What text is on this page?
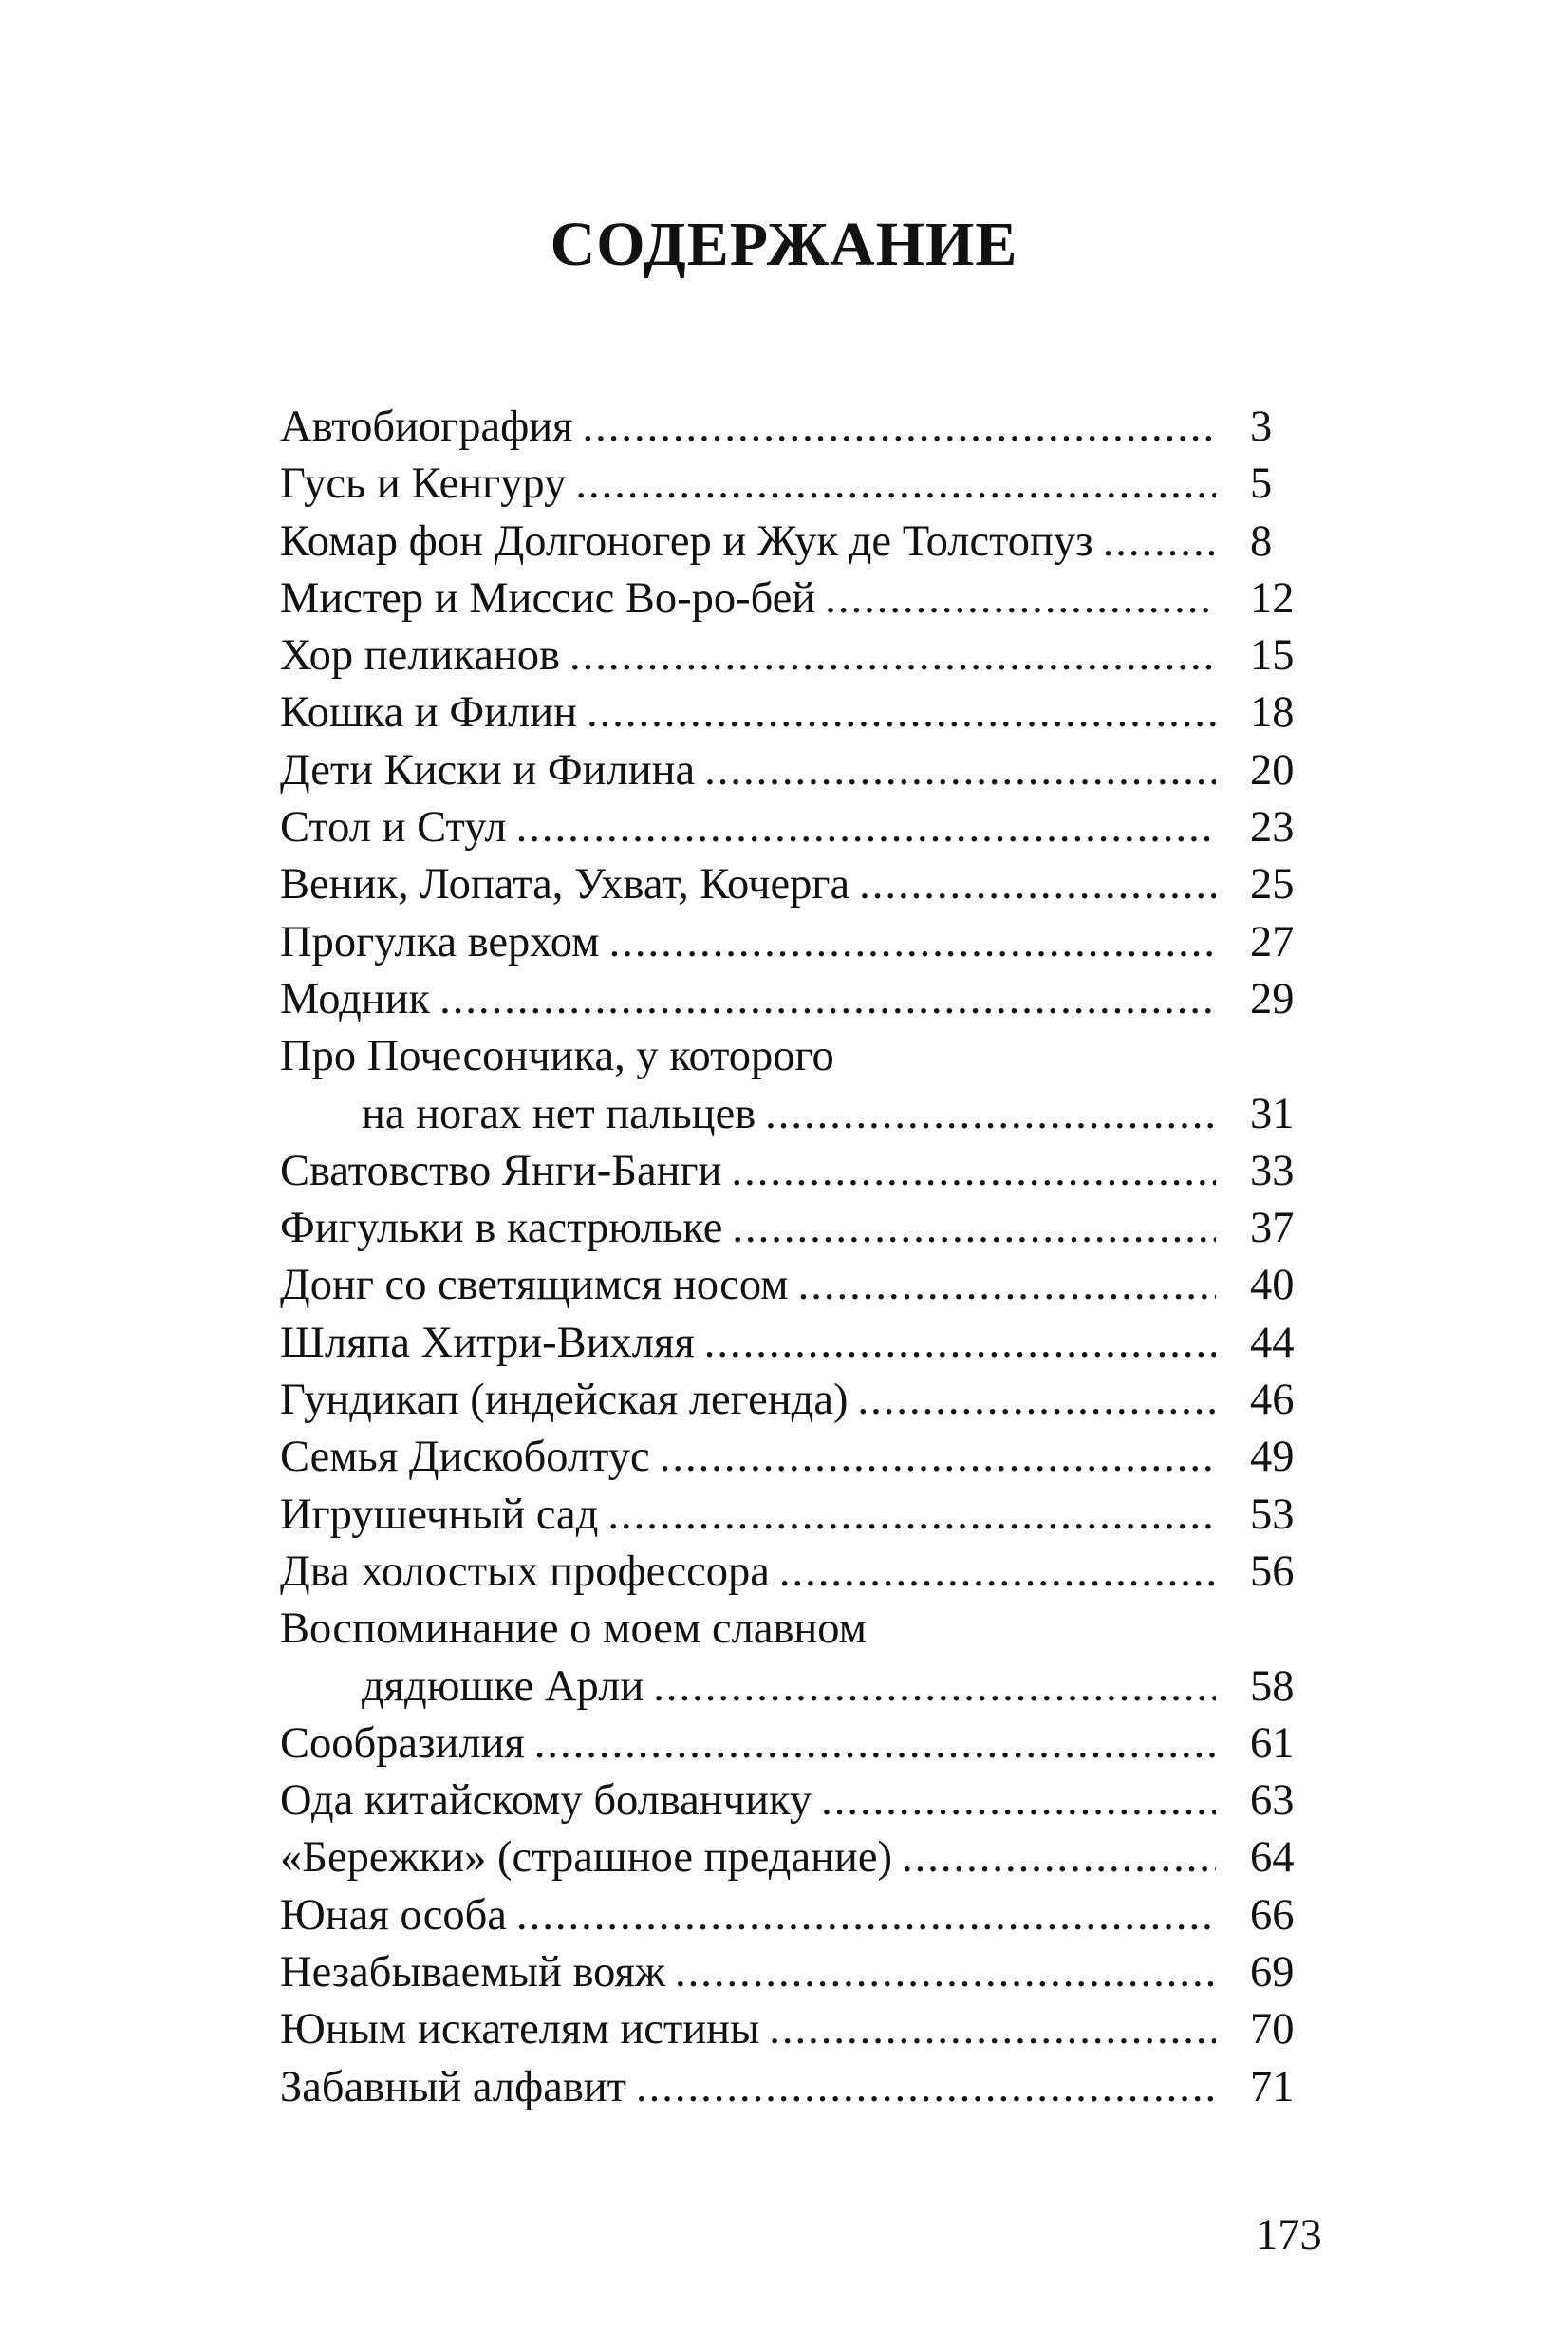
СОДЕРЖАНИЕ
Автобиография .....	3
Гусь и Кенгуру .....	5
Комар фон Долгоногер и Жук де Толстопуз .....	8
Мистер и Миссис Во-ро-бей .....	12
Хор пеликанов .....	15
Кошка и Филин .....	18
Дети Киски и Филина .....	20
Стол и Стул .....	23
Веник, Лопата, Ухват, Кочерга .....	25
Прогулка верхом .....	27
Модник .....	29
Про Почесончика, у которого
на ногах нет пальцев .....	31
Сватовство Янги-Банги .....	33
Фигульки в кастрюльке .....	37
Донг со светящимся носом .....	40
Шляпа Хитри-Вихляя .....	44
Гундикап (индейская легенда) .....	46
Семья Дискоболтус .....	49
Игрушечный сад .....	53
Два холостых профессора .....	56
Воспоминание о моем славном
дядюшке Арли .....	58
Сообразилия .....	61
Ода китайскому болванчику .....	63
«Бережки» (страшное предание) .....	64
Юная особа .....	66
Незабываемый вояж .....	69
Юным искателям истины .....	70
Забавный алфавит .....	71
173
